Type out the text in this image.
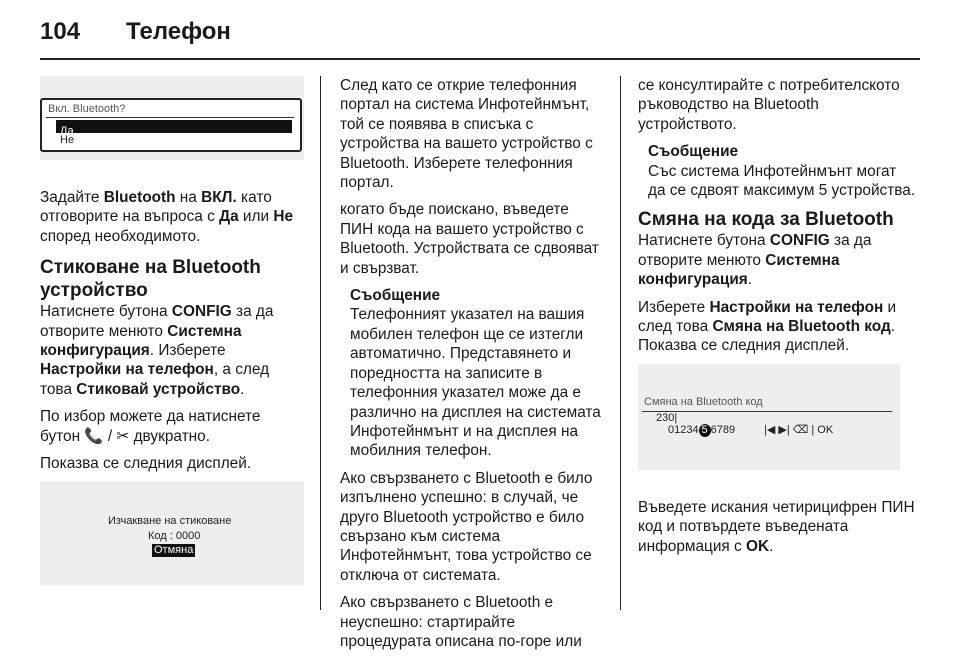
104 Телефон
Вкл. Bluetooth?
Да
Не

Задайте Bluetooth на ВКЛ. като отговорите на въпроса с Да или Не според необходимото.

Стиковане на Bluetooth устройство

Натиснете бутона CONFIG за да отворите менюто Системна конфигурация. Изберете Настройки на телефон, а след това Стиковай устройство.

По избор можете да натиснете бутон 📞 / ✂ двукратно.

Показва се следния дисплей.

Изчакване на стиковане
Код : 0000
Отмяна

След като се открие телефонния портал на система Инфотейнмънт, той се появява в списъка с устройства на вашето устройство с Bluetooth. Изберете телефонния портал.

когато бъде поискано, въведете ПИН кода на вашето устройство с Bluetooth. Устройствата се сдвояват и свързват.

Съобщение
Телефонният указател на вашия мобилен телефон ще се изтегли автоматично. Представянето и поредността на записите в телефонния указател може да е различно на дисплея на системата Инфотейнмънт и на дисплея на мобилния телефон.

Ако свързването с Bluetooth е било изпълнено успешно: в случай, че друго Bluetooth устройство е било свързано към система Инфотейнмънт, това устройство се отключа от системата.

Ако свързването с Bluetooth е неуспешно: стартирайте процедурата описана по-горе или

се консултирайте с потребителското ръководство на Bluetooth устройството.

Съобщение
Със система Инфотейнмънт могат да се сдвоят максимум 5 устройства.
Смяна на кода за Bluetooth

Натиснете бутона CONFIG за да отворите менюто Системна конфигурация.

Изберете Настройки на телефон и след това Смяна на Bluetooth код. Показва се следния дисплей.

Смяна на Bluetooth код
230|
01234 5 6789	|◀ ▶| ⌫ | OK

Въведете искания четирицифрен ПИН код и потвърдете въведената информация с OK.
